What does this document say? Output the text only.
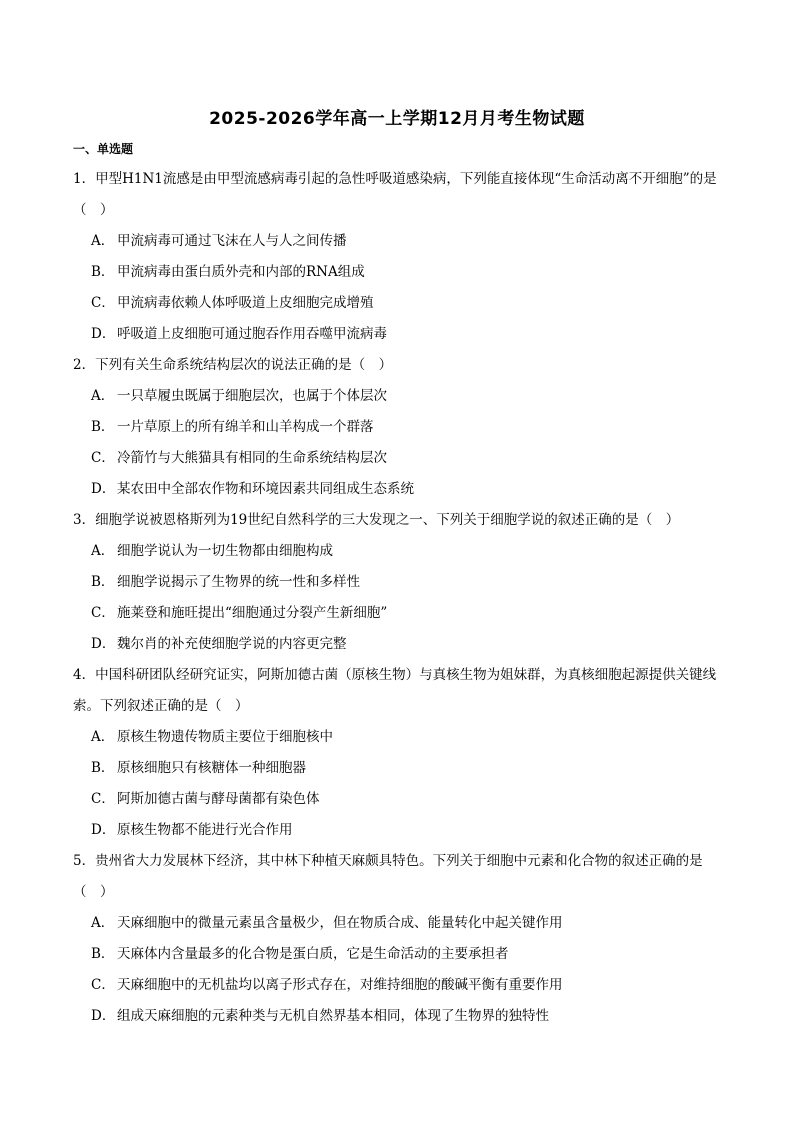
2025-2026学年高一上学期12月月考生物试题
一、单选题

1．甲型H1N1流感是由甲型流感病毒引起的急性呼吸道感染病，下列能直接体现“生命活动离不开细胞”的是（　）

A． 甲流病毒可通过飞沫在人与人之间传播
B． 甲流病毒由蛋白质外壳和内部的RNA组成
C． 甲流病毒依赖人体呼吸道上皮细胞完成增殖
D． 呼吸道上皮细胞可通过胞吞作用吞噬甲流病毒

2．下列有关生命系统结构层次的说法正确的是（　）

A． 一只草履虫既属于细胞层次，也属于个体层次
B． 一片草原上的所有绵羊和山羊构成一个群落
C． 冷箭竹与大熊猫具有相同的生命系统结构层次
D． 某农田中全部农作物和环境因素共同组成生态系统

3．细胞学说被恩格斯列为19世纪自然科学的三大发现之一、下列关于细胞学说的叙述正确的是（　）

A． 细胞学说认为一切生物都由细胞构成
B． 细胞学说揭示了生物界的统一性和多样性
C． 施莱登和施旺提出“细胞通过分裂产生新细胞”
D． 魏尔肖的补充使细胞学说的内容更完整

4．中国科研团队经研究证实，阿斯加德古菌（原核生物）与真核生物为姐妹群，为真核细胞起源提供关键线索。下列叙述正确的是（　）

A． 原核生物遗传物质主要位于细胞核中
B． 原核细胞只有核糖体一种细胞器
C． 阿斯加德古菌与酵母菌都有染色体
D． 原核生物都不能进行光合作用

5．贵州省大力发展林下经济，其中林下种植天麻颇具特色。下列关于细胞中元素和化合物的叙述正确的是（　）

A． 天麻细胞中的微量元素虽含量极少，但在物质合成、能量转化中起关键作用
B． 天麻体内含量最多的化合物是蛋白质，它是生命活动的主要承担者
C． 天麻细胞中的无机盐均以离子形式存在，对维持细胞的酸碱平衡有重要作用
D． 组成天麻细胞的元素种类与无机自然界基本相同，体现了生物界的独特性
